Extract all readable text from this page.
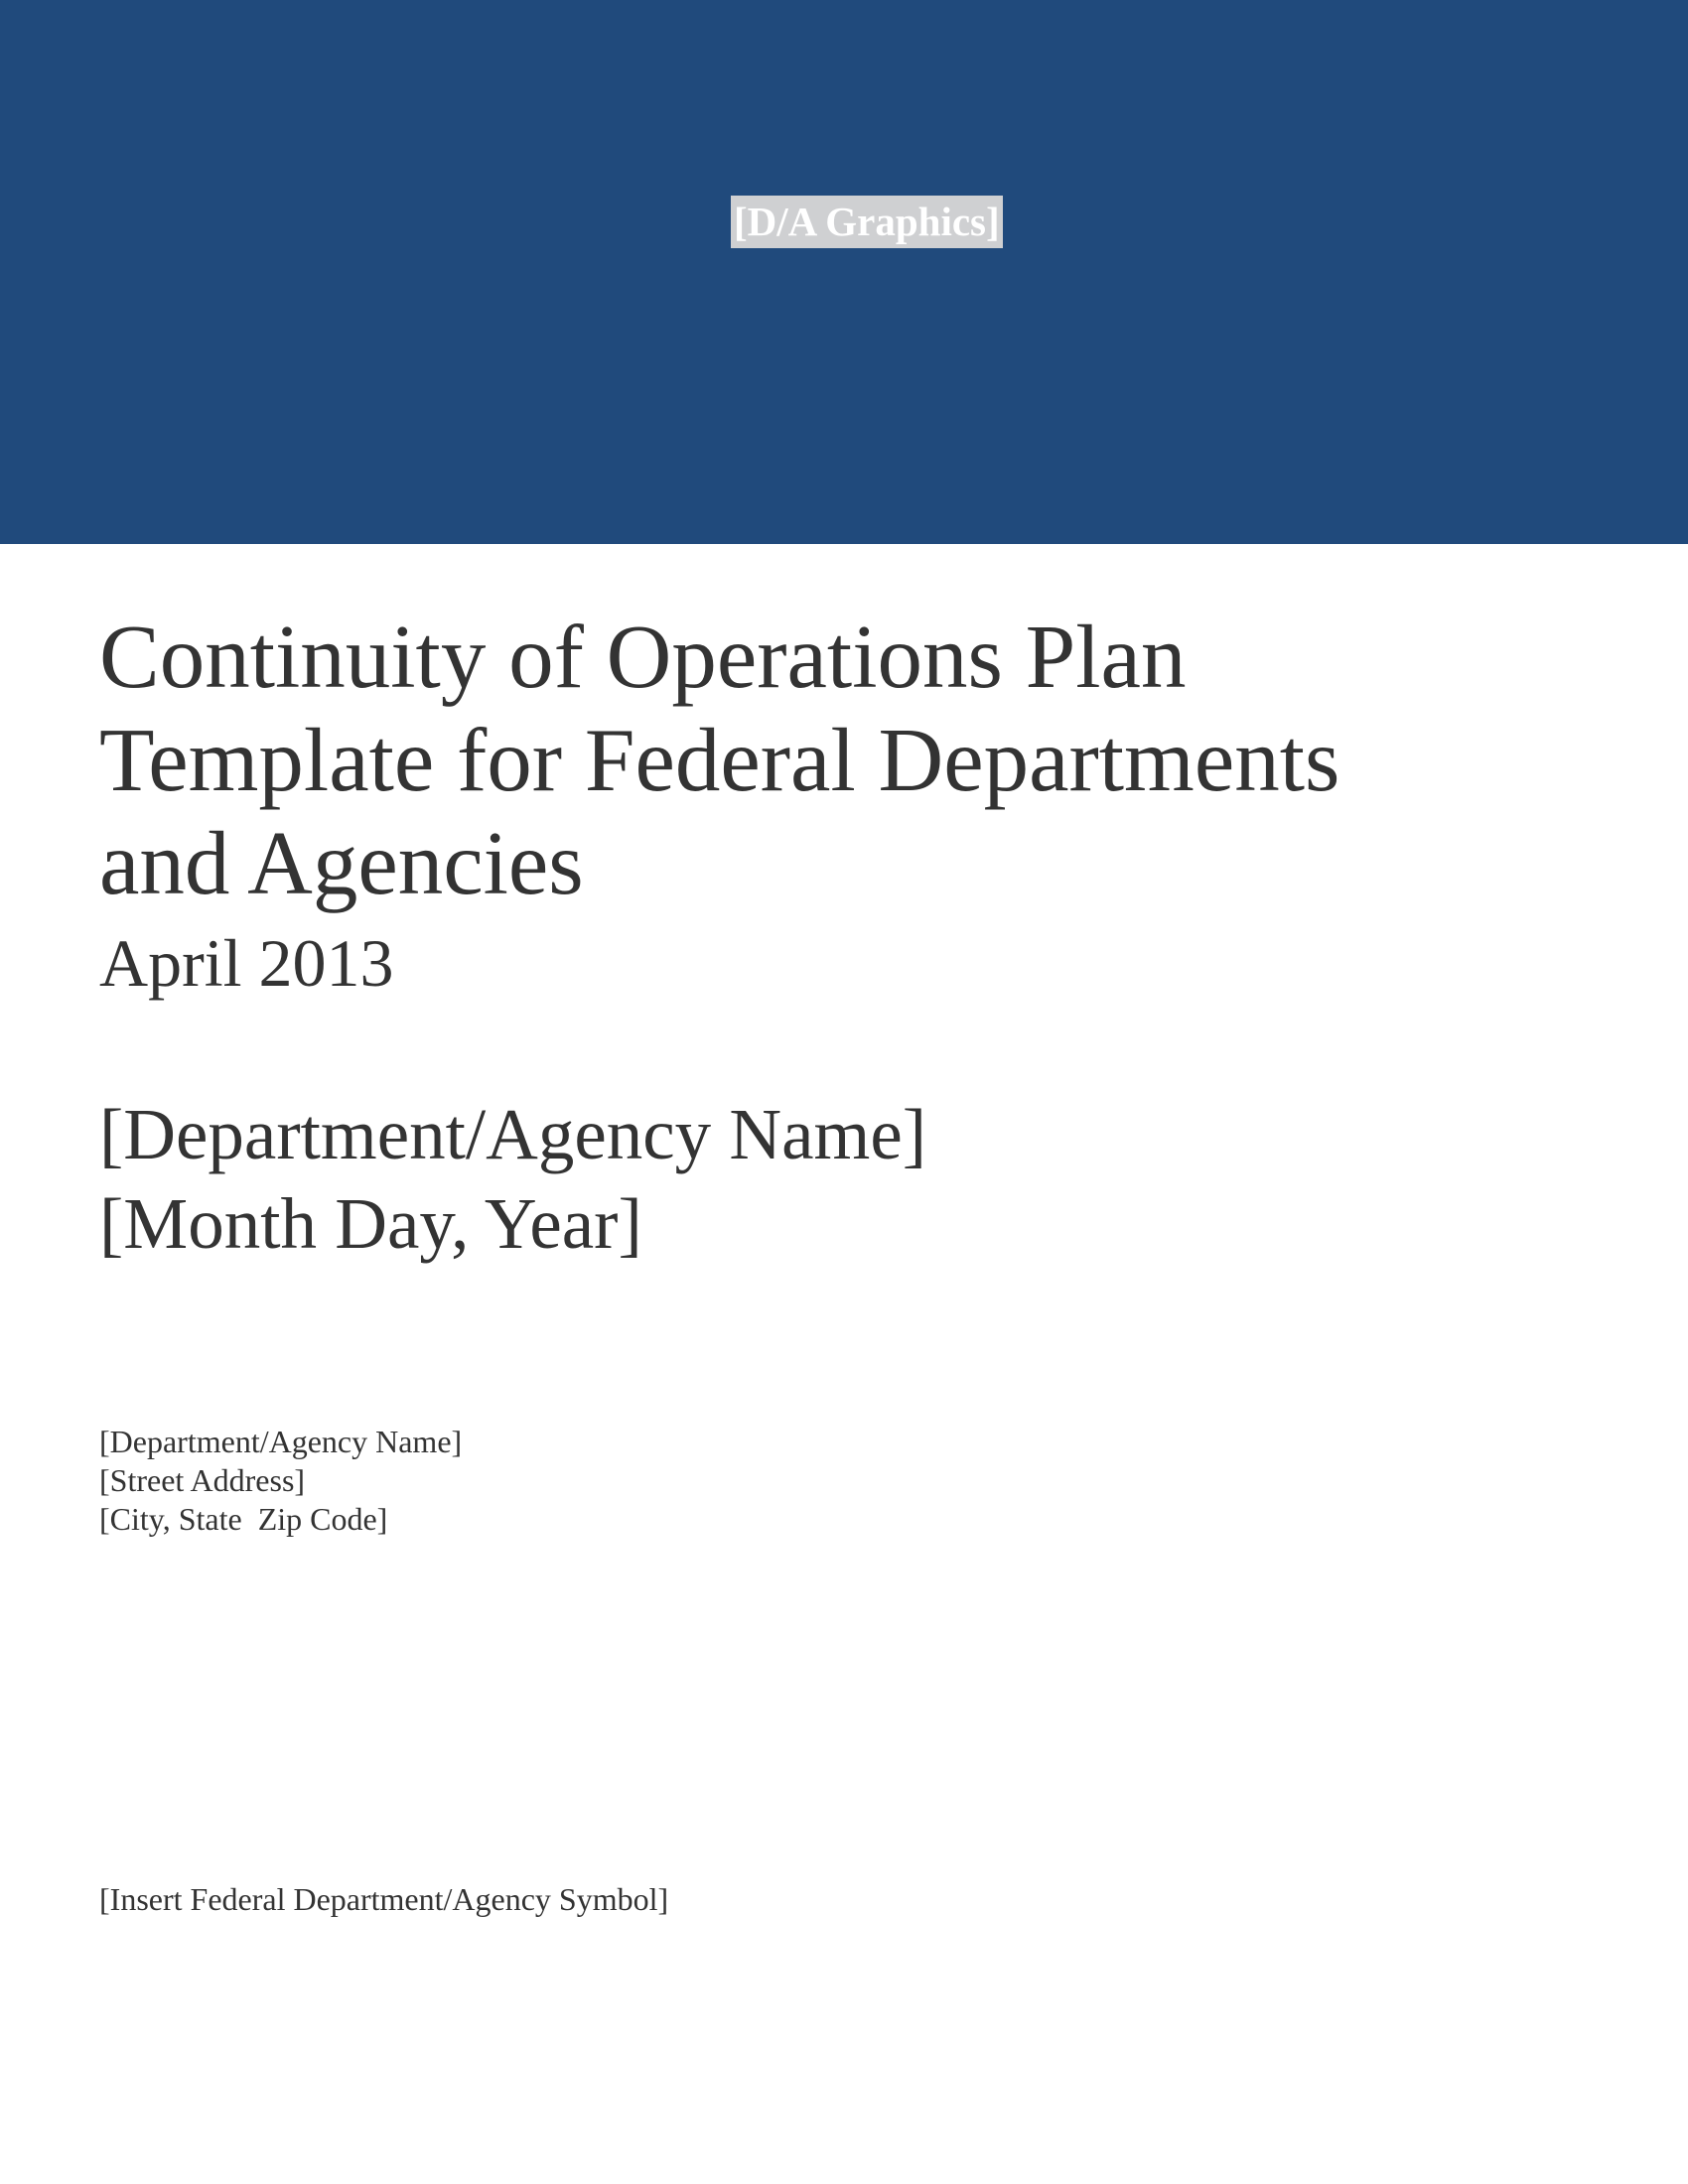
[D/A Graphics]
Continuity of Operations Plan
Template for Federal Departments
and Agencies
April 2013
[Department/Agency Name]
[Month Day, Year]
[Department/Agency Name]
[Street Address]
[City, State  Zip Code]
[Insert Federal Department/Agency Symbol]
